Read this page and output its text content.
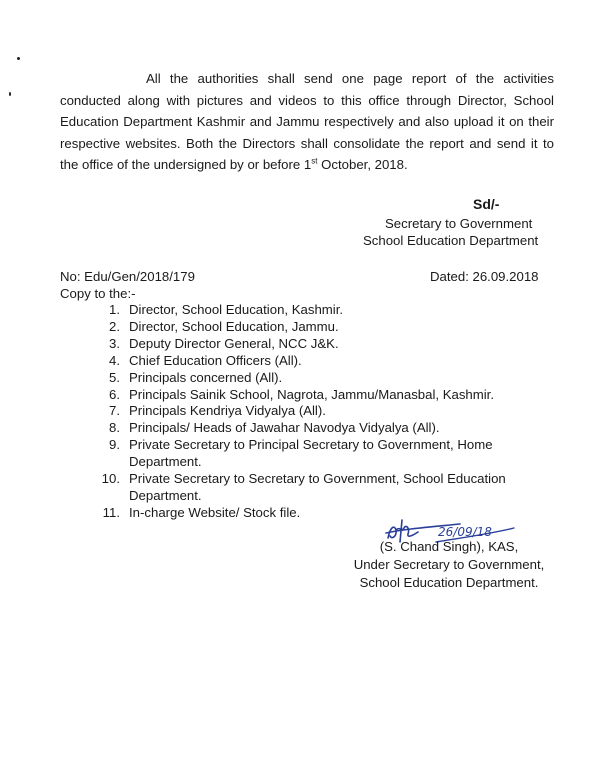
All the authorities shall send one page report of the activities conducted along with pictures and videos to this office through Director, School Education Department Kashmir and Jammu respectively and also upload it on their respective websites. Both the Directors shall consolidate the report and send it to the office of the undersigned by or before 1st October, 2018.

Sd/-
Secretary to Government
School Education Department
No: Edu/Gen/2018/179	Dated: 26.09.2018
Copy to the:-
1. Director, School Education, Kashmir.
2. Director, School Education, Jammu.
3. Deputy Director General, NCC J&K.
4. Chief Education Officers (All).
5. Principals concerned (All).
6. Principals Sainik School, Nagrota, Jammu/Manasbal, Kashmir.
7. Principals Kendriya Vidyalya (All).
8. Principals/ Heads of Jawahar Navodya Vidyalya (All).
9. Private Secretary to Principal Secretary to Government, Home Department.
10. Private Secretary to Secretary to Government, School Education Department.
11. In-charge Website/ Stock file.
26/09/18
(S. Chand Singh), KAS,
Under Secretary to Government,
School Education Department.
